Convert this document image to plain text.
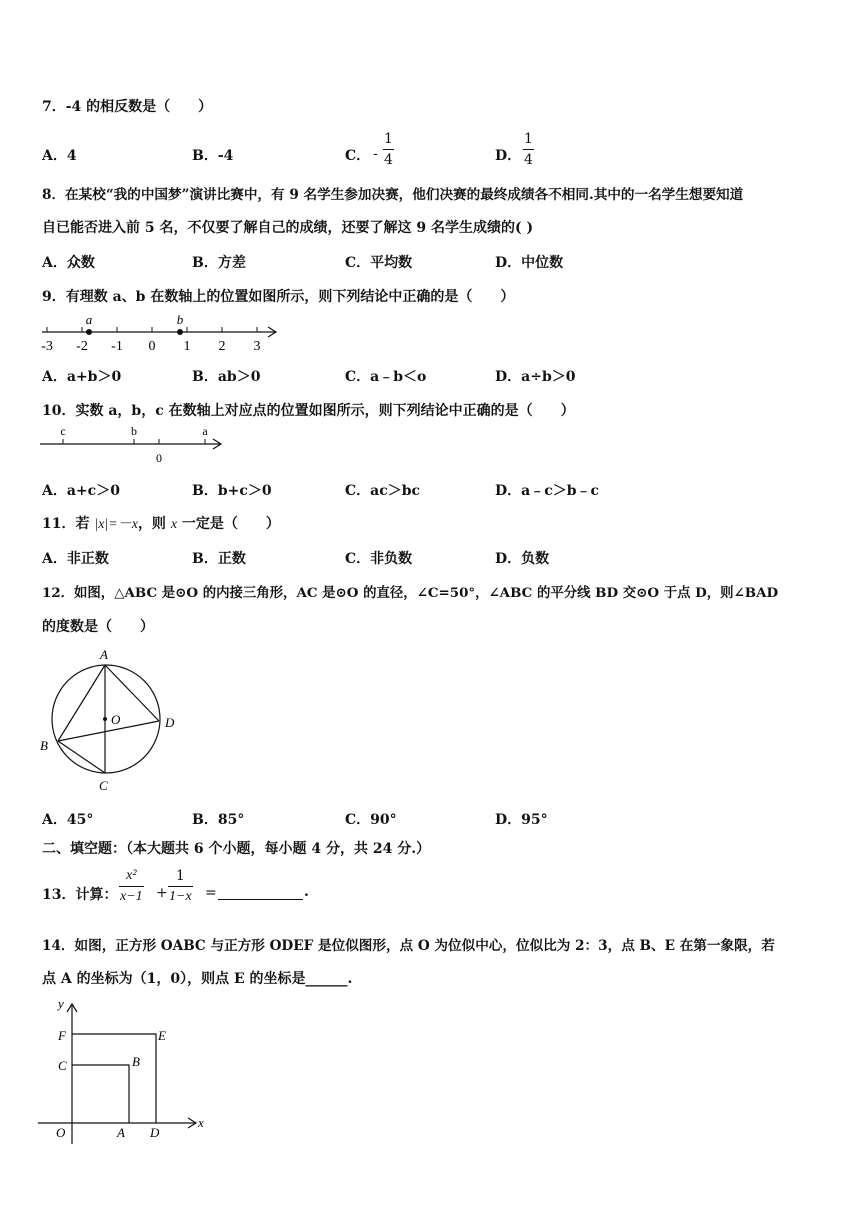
7．-4 的相反数是（　　）
A．4	B．-4	C． - $\frac{1}{4}$	D． $\frac{1}{4}$
8．在某校“我的中国梦”演讲比赛中，有 9 名学生参加决赛，他们决赛的最终成绩各不相同.其中的一名学生想要知道
自已能否进入前 5 名，不仅要了解自己的成绩，还要了解这 9 名学生成绩的( )
A．众数	B．方差	C．平均数	D．中位数
9．有理数 a、b 在数轴上的位置如图所示，则下列结论中正确的是（　　）
-3 -2 -1 0 1 2 3
a	b
A．a+b＞0	B．ab＞0	C．a﹣b＜o	D．a÷b＞0
10．实数 a，b，c 在数轴上对应点的位置如图所示，则下列结论中正确的是（　　）
c	b
0
a
A．a+c＞0	B．b+c＞0	C．ac＞bc	D．a﹣c＞b﹣c
11．若 |x|=－x，则 x 一定是（　　）
A．非正数	B．正数	C．非负数	D．负数
12．如图，△ABC 是⊙O 的内接三角形，AC 是⊙O 的直径，∠C=50°，∠ABC 的平分线 BD 交⊙O 于点 D，则∠BAD
的度数是（　　）
A
B
C
D
O
A．45°	B．85°	C．90°	D．95°
二、填空题：（本大题共 6 个小题，每小题 4 分，共 24 分.）
13．计算： $\frac{\text{x²}}{x-1} + \frac{1}{1-x}$ =	.
14．如图，正方形 OABC 与正方形 ODEF 是位似图形，点 O 为位似中心，位似比为 2：3，点 B、E 在第一象限，若
点 A 的坐标为（1，0），则点 E 的坐标是______.
y
x
O	A
B
C
D
E
F
